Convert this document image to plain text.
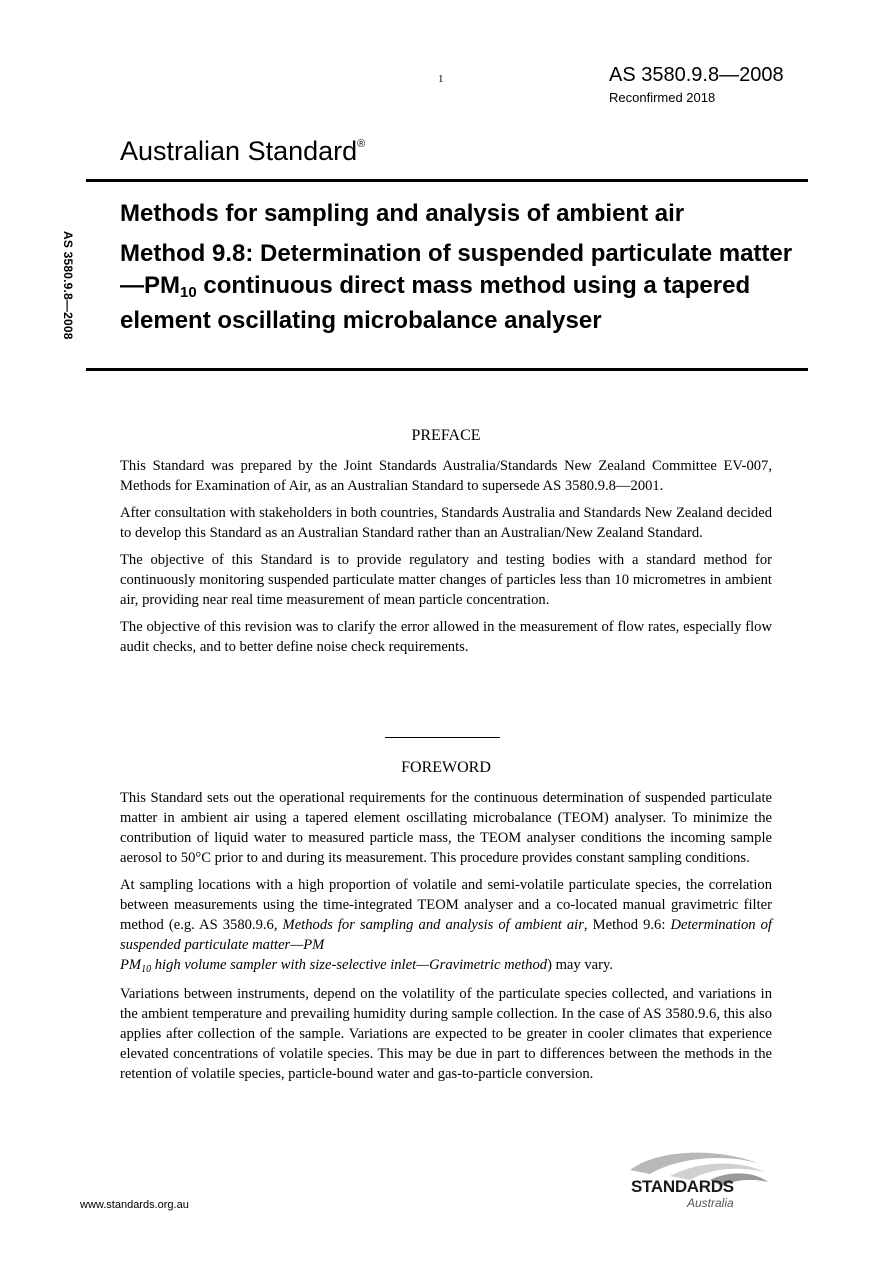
1	AS 3580.9.8—2008
Reconfirmed 2018
Australian Standard®
AS 3580.9.8—2008
Methods for sampling and analysis of ambient air
Method 9.8: Determination of suspended particulate $matter—PM_{10}$ continuous direct mass method using a tapered element oscillating microbalance analyser
PREFACE

This Standard was prepared by the Joint Standards Australia/Standards New Zealand Committee EV-007, Methods for Examination of Air, as an Australian Standard to supersede AS 3580.9.8—2001.

After consultation with stakeholders in both countries, Standards Australia and Standards New Zealand decided to develop this Standard as an Australian Standard rather than an Australian/New Zealand Standard.

The objective of this Standard is to provide regulatory and testing bodies with a standard method for continuously monitoring suspended particulate matter changes of particles less than 10 micrometres in ambient air, providing near real time measurement of mean particle concentration.

The objective of this revision was to clarify the error allowed in the measurement of flow rates, especially flow audit checks, and to better define noise check requirements.

FOREWORD

This Standard sets out the operational requirements for the continuous determination of suspended particulate matter in ambient air using a tapered element oscillating microbalance (TEOM) analyser. To minimize the contribution of liquid water to measured particle mass, the TEOM analyser conditions the incoming sample aerosol to 50°C prior to and during its measurement. This procedure provides constant sampling conditions.

At sampling locations with a high proportion of volatile and semi-volatile particulate species, the correlation between measurements using the time-integrated TEOM analyser and a co-located manual gravimetric filter method (e.g. AS 3580.9.6, Methods for sampling and analysis of ambient air, Method 9.6: Determination of suspended particulate matter—PM
$PM_{10}$ high volume sampler with size-selective inlet—Gravimetric method) may vary.

Variations between instruments, depend on the volatility of the particulate species collected, and variations in the ambient temperature and prevailing humidity during sample collection. In the case of AS 3580.9.6, this also applies after collection of the sample. Variations are expected to be greater in cooler climates that experience elevated concentrations of volatile species. This may be due in part to differences between the methods in the retention of volatile species, particle-bound water and gas-to-particle conversion.

www.standards.org.au
STANDARDS
Australia
